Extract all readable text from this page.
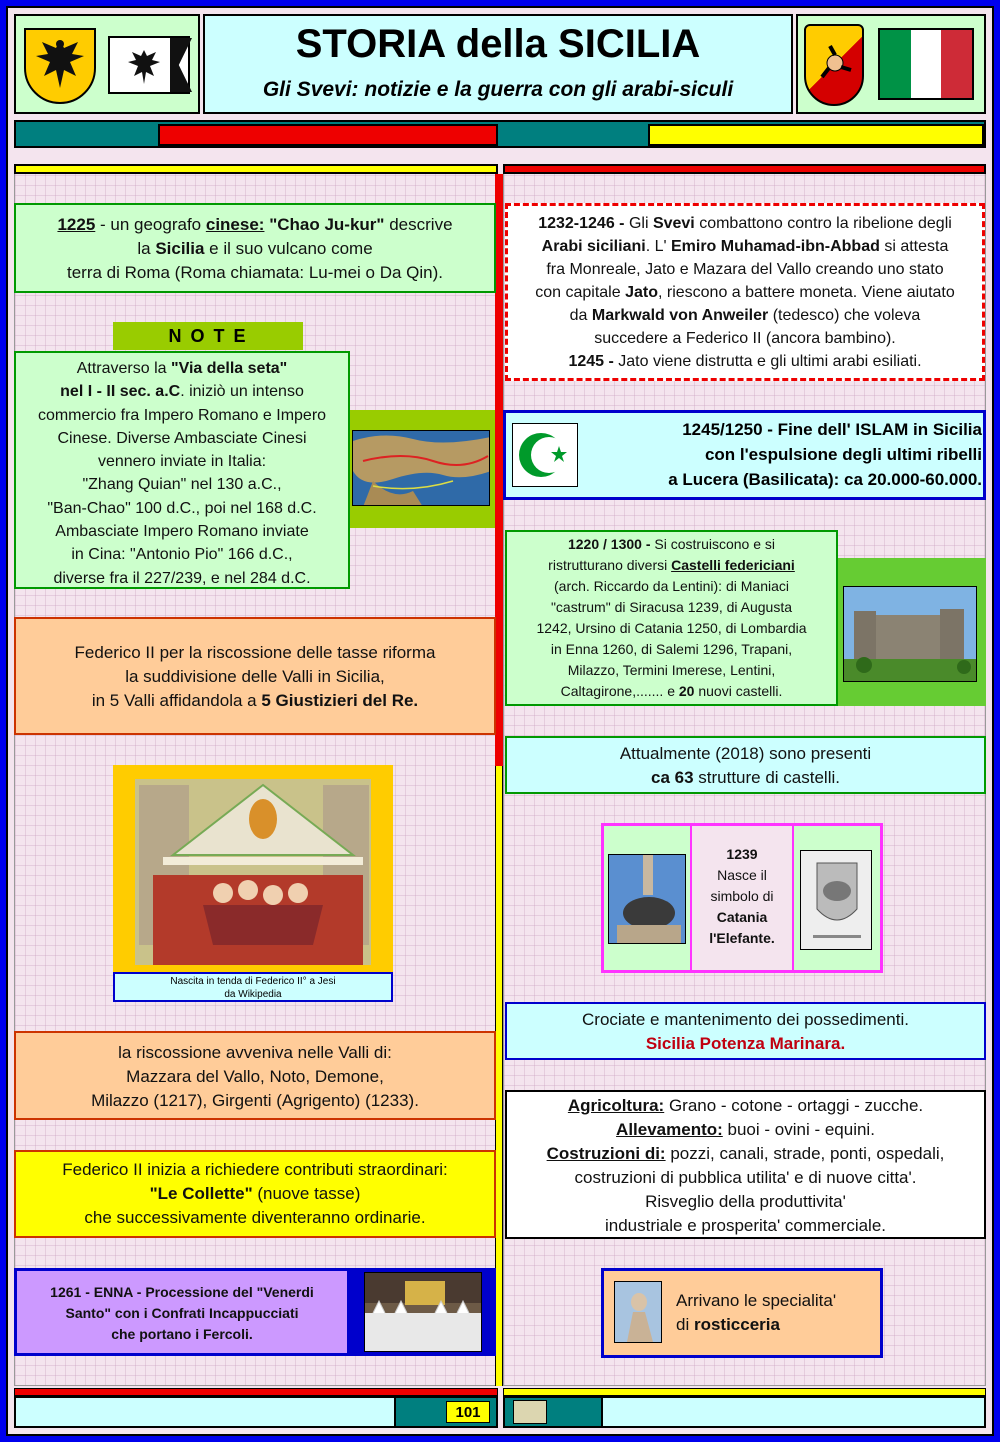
STORIA della SICILIA
Gli Svevi: notizie e la guerra con gli arabi-siculi
1225 - un geografo cinese: "Chao Ju-kur" descrive
la Sicilia e il suo vulcano come
terra di Roma (Roma chiamata: Lu-mei o Da Qin).
N O T E
Attraverso la "Via della seta"
nel I - II sec. a.C. iniziò un intenso
commercio fra Impero Romano e Impero
Cinese. Diverse Ambasciate Cinesi
vennero inviate in Italia:
"Zhang Quian" nel 130 a.C.,
"Ban-Chao" 100 d.C., poi nel 168 d.C.
Ambasciate Impero Romano inviate
in Cina: "Antonio Pio" 166 d.C.,
diverse fra il 227/239, e nel 284 d.C.
Federico II per la riscossione delle tasse riforma
la suddivisione delle Valli in Sicilia,
in 5 Valli affidandola a 5 Giustizieri del Re.
Nascita in tenda di Federico II° a Jesi
da Wikipedia
la riscossione avveniva nelle Valli di:
Mazzara del Vallo, Noto, Demone,
Milazzo (1217), Girgenti (Agrigento) (1233).
Federico II inizia a richiedere contributi straordinari:
"Le Collette" (nuove tasse)
che successivamente diventeranno ordinarie.
1261 - ENNA - Processione del "Venerdi
Santo" con i Confrati Incappucciati
che portano i Fercoli.
1232-1246 - Gli Svevi combattono contro la ribelione degli
Arabi siciliani. L' Emiro Muhamad-ibn-Abbad si attesta
fra Monreale, Jato e Mazara del Vallo creando uno stato
con capitale Jato, riescono a battere moneta. Viene aiutato
da Markwald von Anweiler (tedesco) che voleva
succedere a Federico II (ancora bambino).
1245 - Jato viene distrutta e gli ultimi arabi esiliati.
1245/1250 - Fine dell' ISLAM in Sicilia
con l'espulsione degli ultimi ribelli
a Lucera (Basilicata): ca 20.000-60.000.
1220 / 1300 - Si costruiscono e si
ristrutturano diversi Castelli federiciani
(arch. Riccardo da Lentini): di Maniaci
"castrum" di Siracusa 1239, di Augusta
1242, Ursino di Catania 1250, di Lombardia
in Enna 1260, di Salemi 1296, Trapani,
Milazzo, Termini Imerese, Lentini,
Caltagirone,....... e 20 nuovi castelli.
Attualmente (2018) sono presenti
ca 63 strutture di castelli.
1239
Nasce il
simbolo di
Catania
l'Elefante.
Crociate e mantenimento dei possedimenti.
Sicilia Potenza Marinara.
Agricoltura: Grano - cotone - ortaggi - zucche.
Allevamento: buoi - ovini - equini.
Costruzioni di: pozzi, canali, strade, ponti, ospedali,
costruzioni di pubblica utilita' e di nuove citta'.
Risveglio della produttivita'
industriale e prosperita' commerciale.
Arrivano le specialita'
di rosticceria
101
